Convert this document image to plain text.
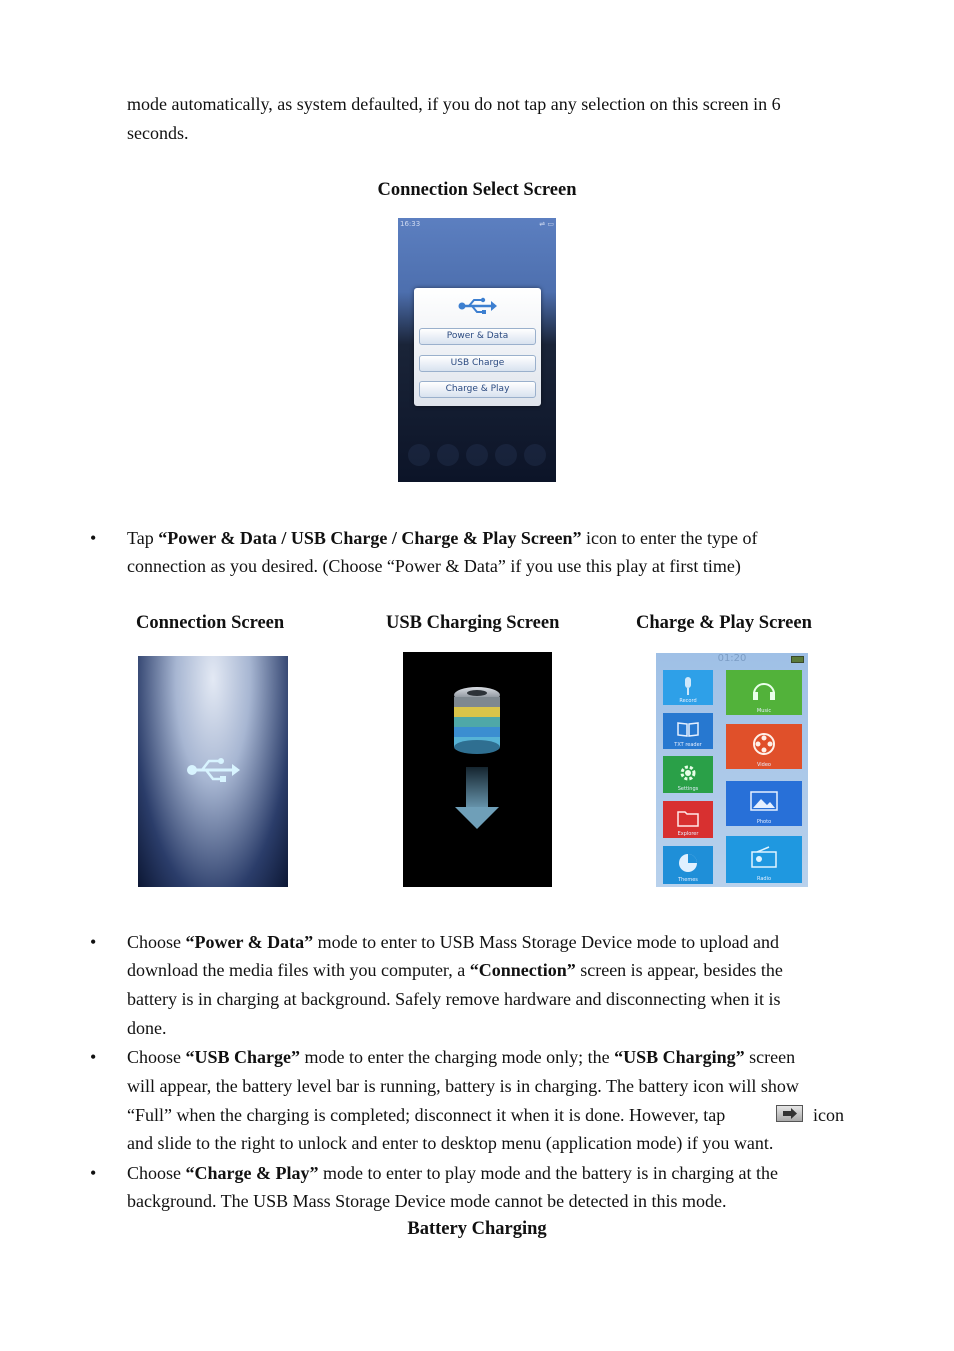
mode automatically, as system defaulted, if you do not tap any selection on this screen in 6
seconds.
Connection Select Screen
16:33	⇌ ▭
Power & Data
USB Charge
Charge & Play
• Tap “Power & Data / USB Charge / Charge & Play Screen” icon to enter the type of
connection as you desired. (Choose “Power & Data” if you use this play at first time)
Connection Screen	USB Charging Screen	Charge & Play Screen
01:20
Record
TXT reader
Settings
Explorer
Themes
Music
Video
Photo
Radio
• Choose “Power & Data” mode to enter to USB Mass Storage Device mode to upload and
download the media files with you computer, a “Connection” screen is appear, besides the
battery is in charging at background. Safely remove hardware and disconnecting when it is
done.
• Choose “USB Charge” mode to enter the charging mode only; the “USB Charging” screen
will appear, the battery level bar is running, battery is in charging. The battery icon will show
“Full” when the charging is completed; disconnect it when it is done. However, tap	icon
and slide to the right to unlock and enter to desktop menu (application mode) if you want.
• Choose “Charge & Play” mode to enter to play mode and the battery is in charging at the
background. The USB Mass Storage Device mode cannot be detected in this mode.
Battery Charging
